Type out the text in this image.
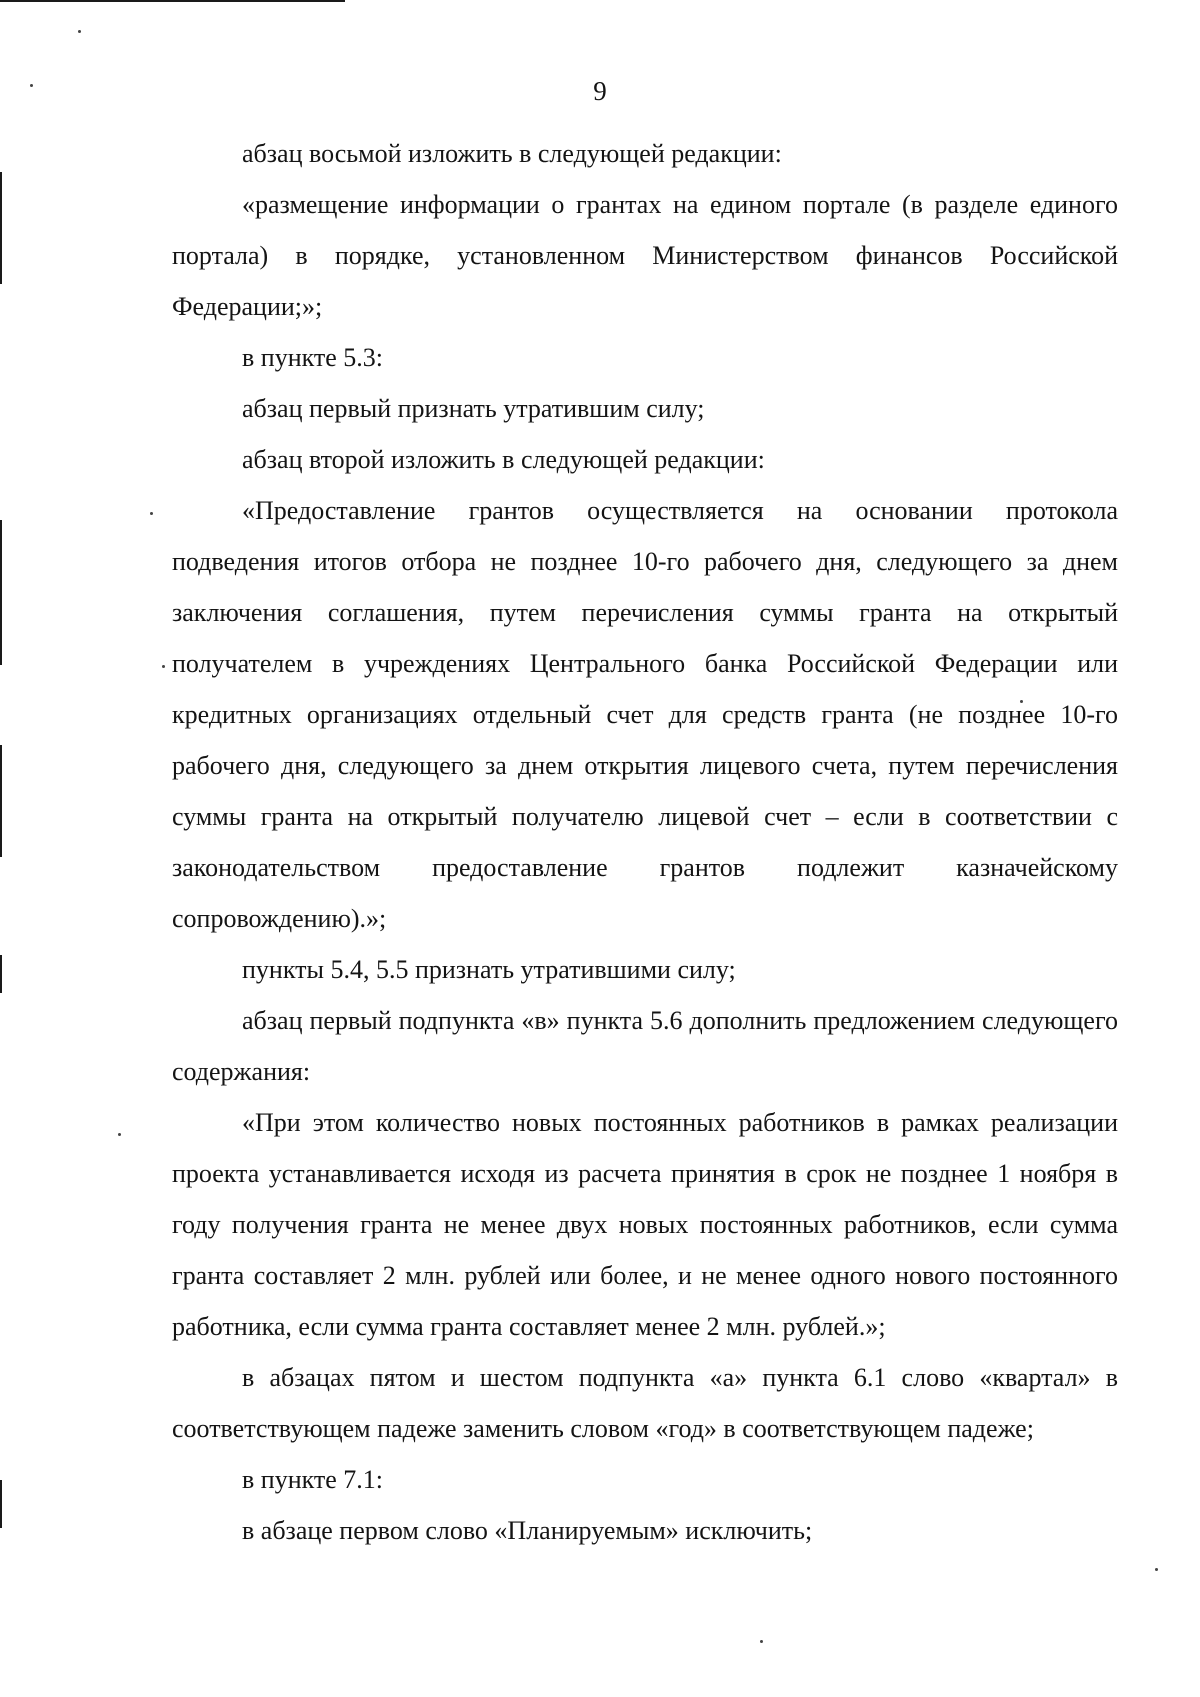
9

абзац восьмой изложить в следующей редакции:

«размещение информации о грантах на едином портале (в разделе единого портала) в порядке, установленном Министерством финансов Российской Федерации;»;

в пункте 5.3:

абзац первый признать утратившим силу;

абзац второй изложить в следующей редакции:

«Предоставление грантов осуществляется на основании протокола подведения итогов отбора не позднее 10-го рабочего дня, следующего за днем заключения соглашения, путем перечисления суммы гранта на открытый получателем в учреждениях Центрального банка Российской Федерации или кредитных организациях отдельный счет для средств гранта (не позднее 10-го рабочего дня, следующего за днем открытия лицевого счета, путем перечисления суммы гранта на открытый получателю лицевой счет – если в соответствии с законодательством предоставление грантов подлежит казначейскому сопровождению).»;

пункты 5.4, 5.5 признать утратившими силу;

абзац первый подпункта «в» пункта 5.6 дополнить предложением следующего содержания:

«При этом количество новых постоянных работников в рамках реализации проекта устанавливается исходя из расчета принятия в срок не позднее 1 ноября в году получения гранта не менее двух новых постоянных работников, если сумма гранта составляет 2 млн. рублей или более, и не менее одного нового постоянного работника, если сумма гранта составляет менее 2 млн. рублей.»;

в абзацах пятом и шестом подпункта «а» пункта 6.1 слово «квартал» в соответствующем падеже заменить словом «год» в соответствующем падеже;

в пункте 7.1:

в абзаце первом слово «Планируемым» исключить;
